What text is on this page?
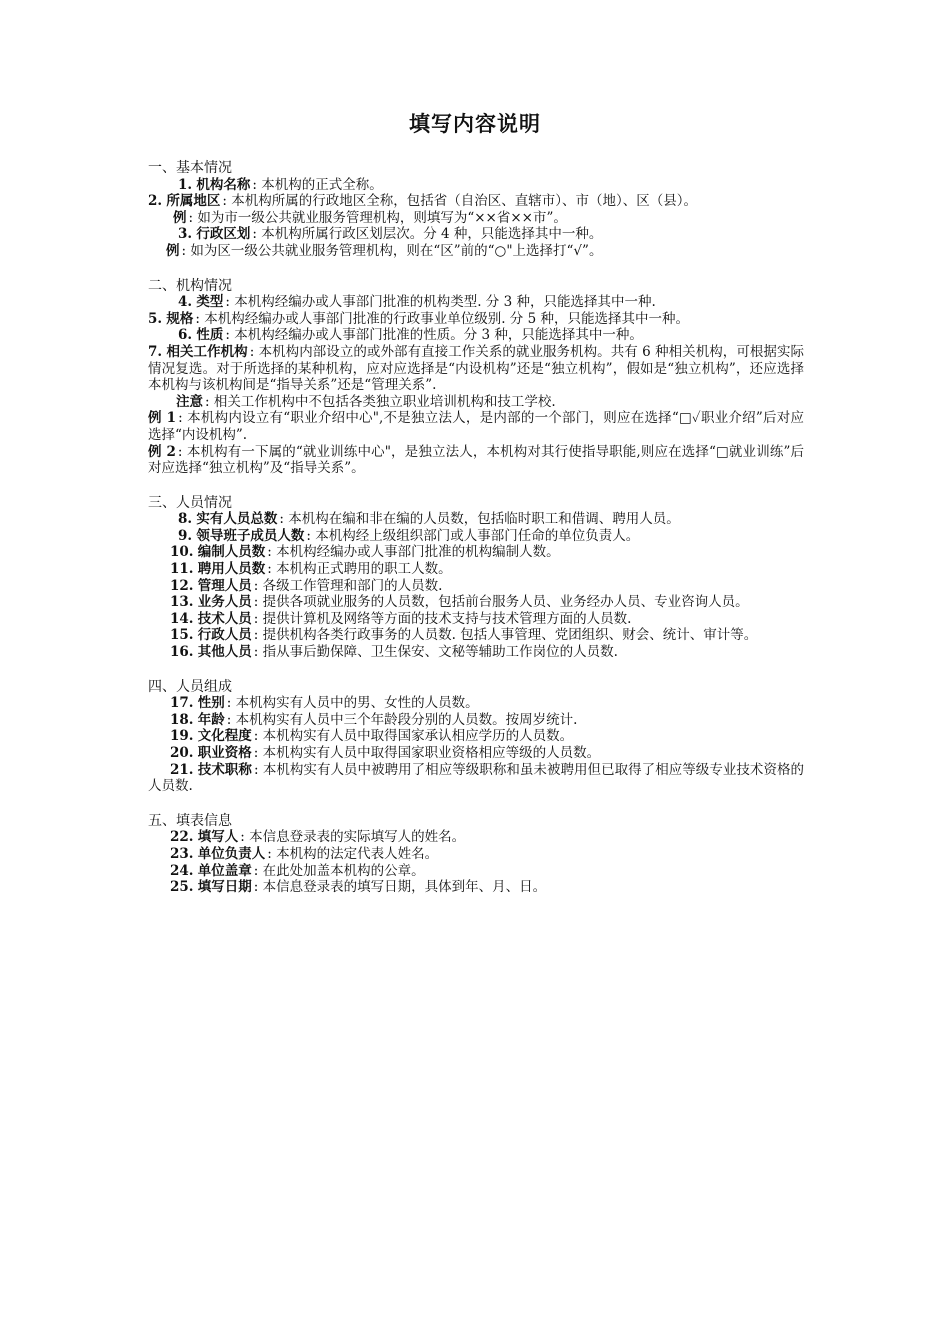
填写内容说明
一、基本情况

1. 机构名称 : 本机构的正式全称。

2. 所属地区 : 本机构所属的行政地区全称，包括省（自治区、直辖市）、市（地）、区（县）。

例 : 如为市一级公共就业服务管理机构，则填写为“××省××市”。

3. 行政区划 : 本机构所属行政区划层次。分 4 种，只能选择其中一种。

例 : 如为区一级公共就业服务管理机构，则在“区”前的“○"上选择打“√”。

二、机构情况

4. 类型 : 本机构经编办或人事部门批准的机构类型. 分 3 种，只能选择其中一种.

5. 规格 : 本机构经编办或人事部门批准的行政事业单位级别. 分 5 种，只能选择其中一种。

6. 性质 : 本机构经编办或人事部门批准的性质。分 3 种，只能选择其中一种。

7. 相关工作机构 : 本机构内部设立的或外部有直接工作关系的就业服务机构。共有 6 种相关机构，可根据实际情况复选。对于所选择的某种机构，应对应选择是“内设机构”还是“独立机构”，假如是“独立机构”，还应选择本机构与该机构间是“指导关系”还是“管理关系”.

注意 : 相关工作机构中不包括各类独立职业培训机构和技工学校.

例 1 : 本机构内设立有“职业介绍中心",不是独立法人，是内部的一个部门，则应在选择“□✓职业介绍”后对应选择“内设机构”.

例 2 : 本机构有一下属的“就业训练中心"，是独立法人，本机构对其行使指导职能,则应在选择“□就业训练”后对应选择“独立机构”及“指导关系”。

三、人员情况

8. 实有人员总数 : 本机构在编和非在编的人员数，包括临时职工和借调、聘用人员。

9. 领导班子成员人数 : 本机构经上级组织部门或人事部门任命的单位负责人。

10. 编制人员数 : 本机构经编办或人事部门批准的机构编制人数。

11. 聘用人员数 : 本机构正式聘用的职工人数。

12. 管理人员 : 各级工作管理和部门的人员数.

13. 业务人员 : 提供各项就业服务的人员数，包括前台服务人员、业务经办人员、专业咨询人员。

14. 技术人员 : 提供计算机及网络等方面的技术支持与技术管理方面的人员数.

15. 行政人员 : 提供机构各类行政事务的人员数. 包括人事管理、党团组织、财会、统计、审计等。

16. 其他人员 : 指从事后勤保障、卫生保安、文秘等辅助工作岗位的人员数.

四、人员组成

17. 性别 : 本机构实有人员中的男、女性的人员数。

18. 年龄 : 本机构实有人员中三个年龄段分别的人员数。按周岁统计.

19. 文化程度 : 本机构实有人员中取得国家承认相应学历的人员数。

20. 职业资格 : 本机构实有人员中取得国家职业资格相应等级的人员数。

21. 技术职称 : 本机构实有人员中被聘用了相应等级职称和虽未被聘用但已取得了相应等级专业技术资格的人员数.

五、填表信息

22. 填写人 : 本信息登录表的实际填写人的姓名。

23. 单位负责人 : 本机构的法定代表人姓名。

24. 单位盖章 : 在此处加盖本机构的公章。

25. 填写日期 : 本信息登录表的填写日期，具体到年、月、日。
